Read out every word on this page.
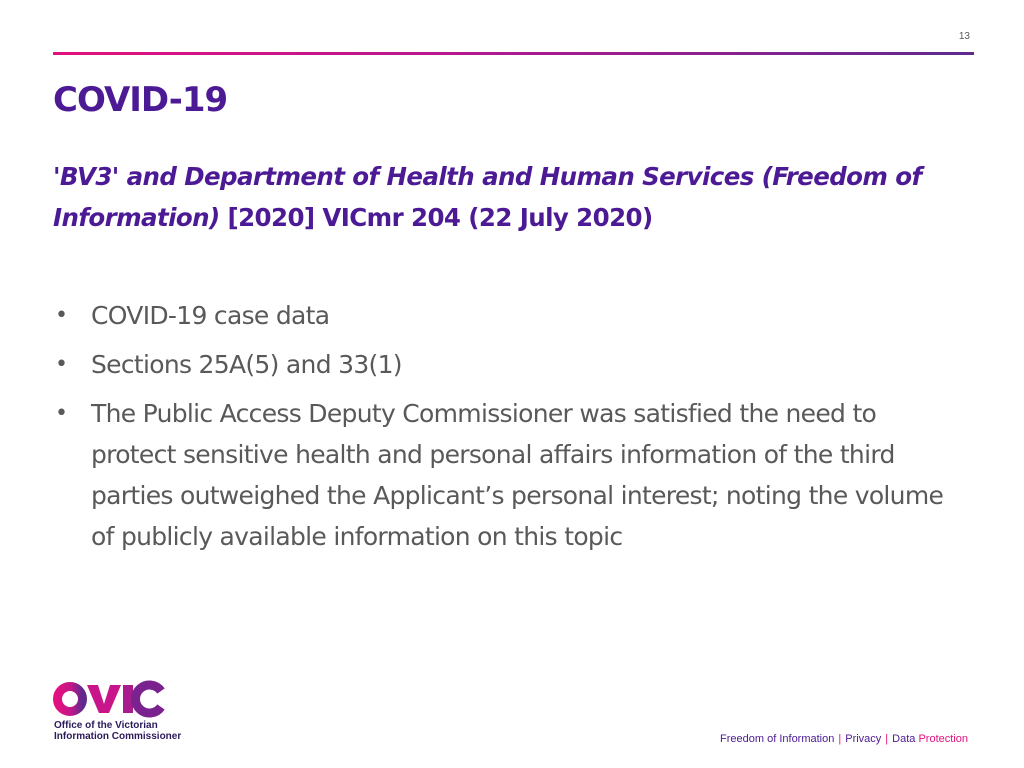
13
COVID-19

'BV3' and Department of Health and Human Services (Freedom of Information) [2020] VICmr 204 (22 July 2020)

• COVID-19 case data
• Sections 25A(5) and 33(1)
• The Public Access Deputy Commissioner was satisfied the need to protect sensitive health and personal affairs information of the third parties outweighed the Applicant’s personal interest; noting the volume of publicly available information on this topic
Office of the Victorian
Information Commissioner	Freedom of Information | Privacy | Data Protection
